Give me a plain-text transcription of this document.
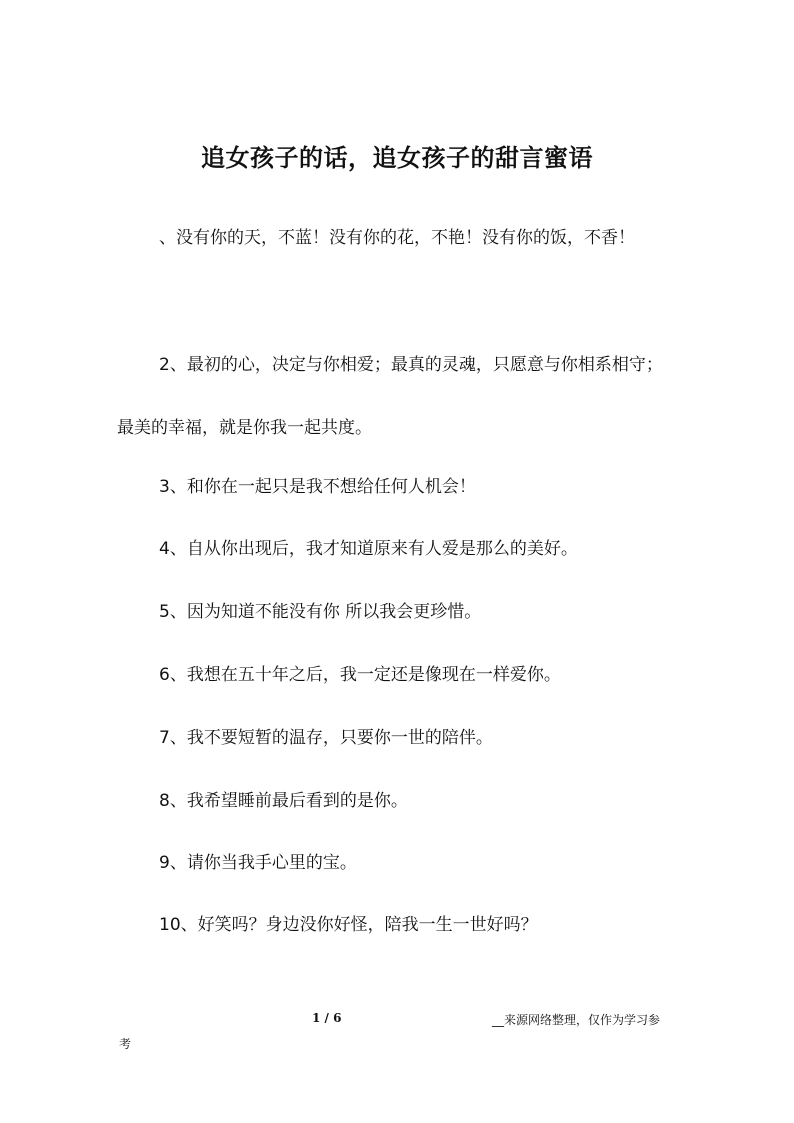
追女孩子的话，追女孩子的甜言蜜语

、没有你的天，不蓝！没有你的花，不艳！没有你的饭，不香！

2、最初的心，决定与你相爱；最真的灵魂，只愿意与你相系相守；最美的幸福，就是你我一起共度。

3、和你在一起只是我不想给任何人机会！

4、自从你出现后，我才知道原来有人爱是那么的美好。

5、因为知道不能没有你 所以我会更珍惜。

6、我想在五十年之后，我一定还是像现在一样爱你。

7、我不要短暂的温存，只要你一世的陪伴。

8、我希望睡前最后看到的是你。

9、请你当我手心里的宝。

10、好笑吗？身边没你好怪，陪我一生一世好吗？

1 / 6	__来源网络整理，仅作为学习参
考
